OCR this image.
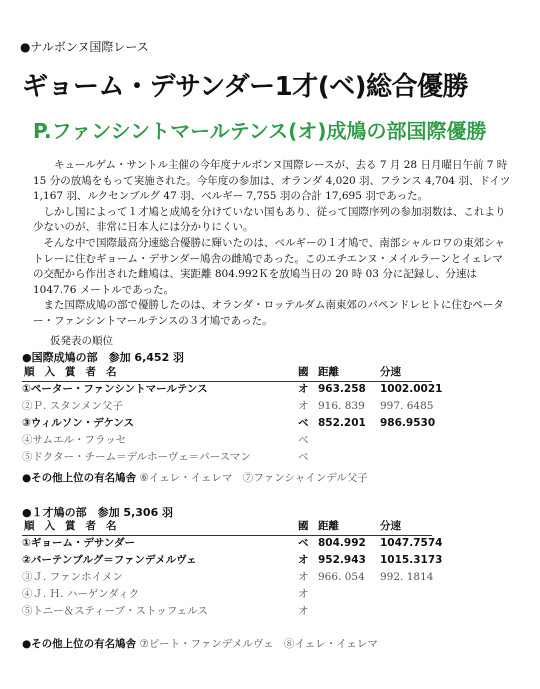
●ナルボンヌ国際レース
ギョーム・デサンダー1才(ベ)総合優勝
P.ファンシントマールテンス(オ)成鳩の部国際優勝

キュールゲム・サントル主催の今年度ナルボンヌ国際レースが、去る 7 月 28 日月曜日午前 7 時 15 分の放鳩をもって実施された。今年度の参加は、オランダ 4,020 羽、フランス 4,704 羽、ドイツ 1,167 羽、ルクセンブルグ 47 羽、ベルギー 7,755 羽の合計 17,695 羽であった。

しかし国によって１才鳩と成鳩を分けていない国もあり、従って国際序列の参加羽数は、これより少ないのが、非常に日本人には分かりにくい。

そんな中で国際最高分速総合優勝に輝いたのは、ベルギーの１才鳩で、南部シャルロワの東郊シャトレーに住むギョーム・デサンダー鳩舎の雌鳩であった。このエチエンヌ・メイルラーンとイェレマの交配から作出された雌鳩は、実距離 804.992Ｋを放鳩当日の 20 時 03 分に記録し、分速は 1047.76 メートルであった。

また国際成鳩の部で優勝したのは、オランダ・ロッテルダム南東郊のパペンドレヒトに住むペーター・ファンシントマールテンスの３才鳩であった。

仮発表の順位
●国際成鳩の部　参加 6,452 羽
順入賞者名	國 距離	分速
①ペーター・ファンシントマールテンス	オ 963.258 1002.0021
②Ｐ. スタンメン父子	オ 916. 839 997. 6485
③ウィルソン・デケンス	ベ 852.201 986.9530
④サムエル・フラッセ	ベ
⑤ドクター・チーム＝デルホーヴェ＝パースマン	ベ
●その他上位の有名鳩舎 ⑥イェレ・イェレマ　⑦ファンシャインデル父子
●１才鳩の部　参加 5,306 羽
順入賞者名	國 距離	分速
①ギョーム・デサンダー	ベ 804.992 1047.7574
②バーテンブルグ＝ファンデメルヴェ	オ 952.943 1015.3173
③Ｊ. ファンホイメン	オ 966. 054 992. 1814
④Ｊ. Ｈ. ハーゲンダィク	オ
⑤トニー＆スティーブ・ストッフェルス	オ
●その他上位の有名鳩舎 ⑦ピート・ファンデメルヴェ　⑧イェレ・イェレマ
